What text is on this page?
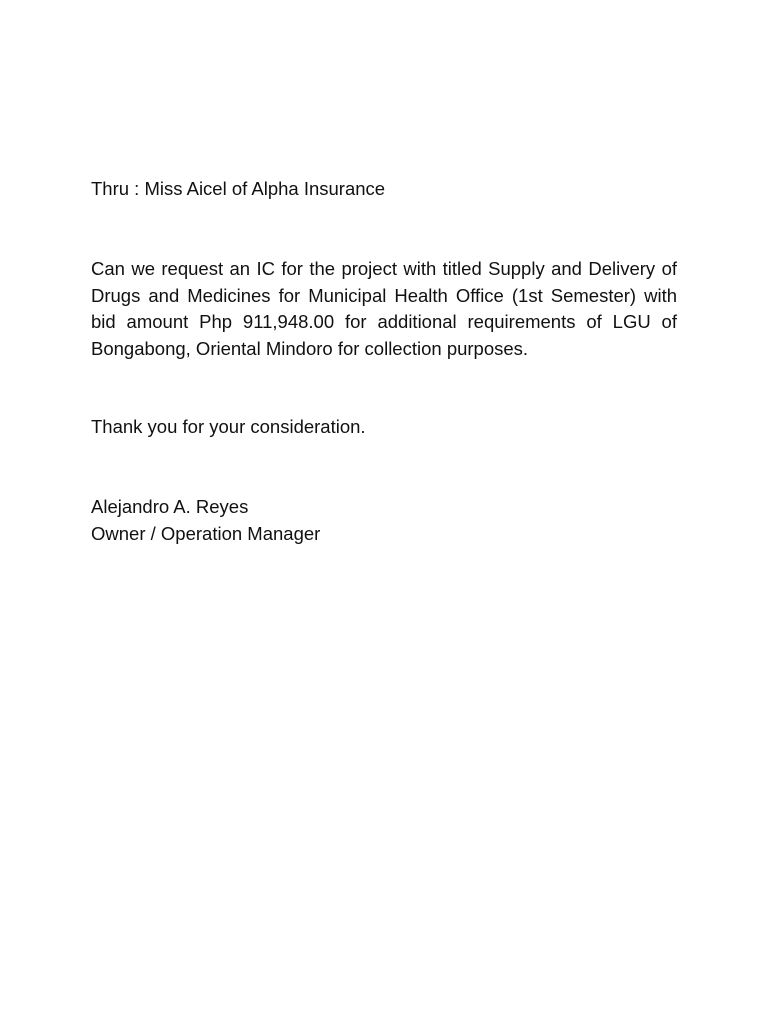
Thru : Miss Aicel of Alpha Insurance

Can we request an IC for the project with titled Supply and Delivery of Drugs and Medicines for Municipal Health Office (1st Semester) with bid amount Php 911,948.00 for additional requirements of LGU of Bongabong, Oriental Mindoro for collection purposes.

Thank you for your consideration.

Alejandro A. Reyes
Owner / Operation Manager
